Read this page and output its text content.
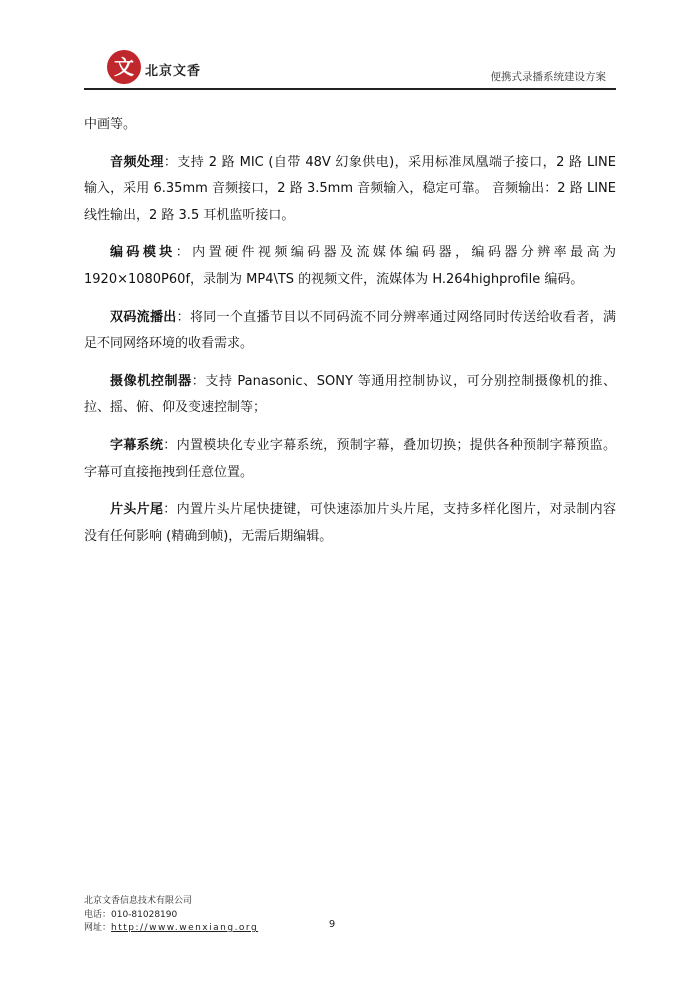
文 北京文香	便携式录播系统建设方案

中画等。

音频处理：支持 2 路 MIC (自带 48V 幻象供电)，采用标准凤凰端子接口，2 路 LINE 输入，采用 6.35mm 音频接口，2 路 3.5mm 音频输入，稳定可靠。 音频输出：2 路 LINE 线性输出，2 路 3.5 耳机监听接口。

编码模块：内置硬件视频编码器及流媒体编码器，编码器分辨率最高为 1920×1080P60f，录制为 MP4\TS 的视频文件，流媒体为 H.264highprofile 编码。

双码流播出：将同一个直播节目以不同码流不同分辨率通过网络同时传送给收看者，满足不同网络环境的收看需求。

摄像机控制器：支持 Panasonic、SONY 等通用控制协议，可分别控制摄像机的推、拉、摇、俯、仰及变速控制等；

字幕系统：内置模块化专业字幕系统，预制字幕，叠加切换；提供各种预制字幕预监。字幕可直接拖拽到任意位置。

片头片尾：内置片头片尾快捷键，可快速添加片头片尾，支持多样化图片，对录制内容没有任何影响 (精确到帧)，无需后期编辑。

北京文香信息技术有限公司
电话：010-81028190
网址：http://www.wenxiang.org	9
